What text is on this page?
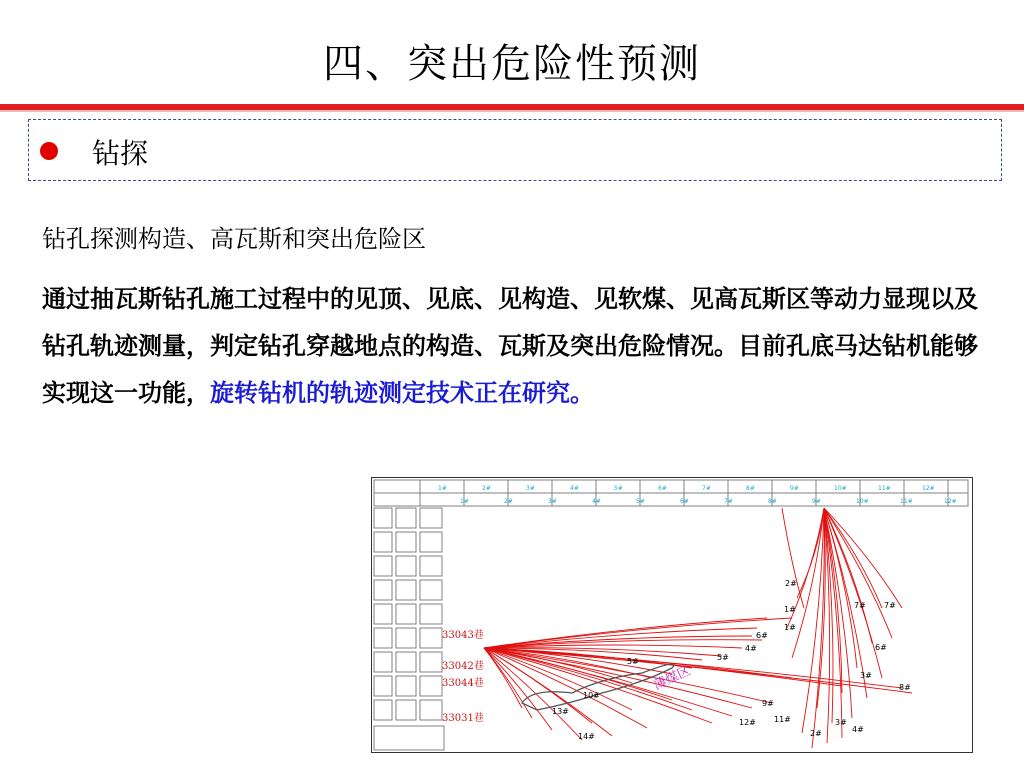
四、突出危险性预测
钻探
钻孔探测构造、高瓦斯和突出危险区
通过抽瓦斯钻孔施工过程中的见顶、见底、见构造、见软煤、见高瓦斯区等动力显现以及钻孔轨迹测量，判定钻孔穿越地点的构造、瓦斯及突出危险情况。目前孔底马达钻机能够实现这一功能，旋转钻机的轨迹测定技术正在研究。
1#	2#	3#	4#	5#	6#	7#	8#	9#	10#	11#	12#
1#	2#	3#	4#	5#	6#	7#	8#	9#	10#	11#	12#
薄煤区
33043巷
33042巷
33044巷
33031巷
1#
2#
3#
4#
5#
6#
7#
8#
9#
10#
11#
12#
13#
14#	2#
3#
4#
5#
6#
7#
1#
